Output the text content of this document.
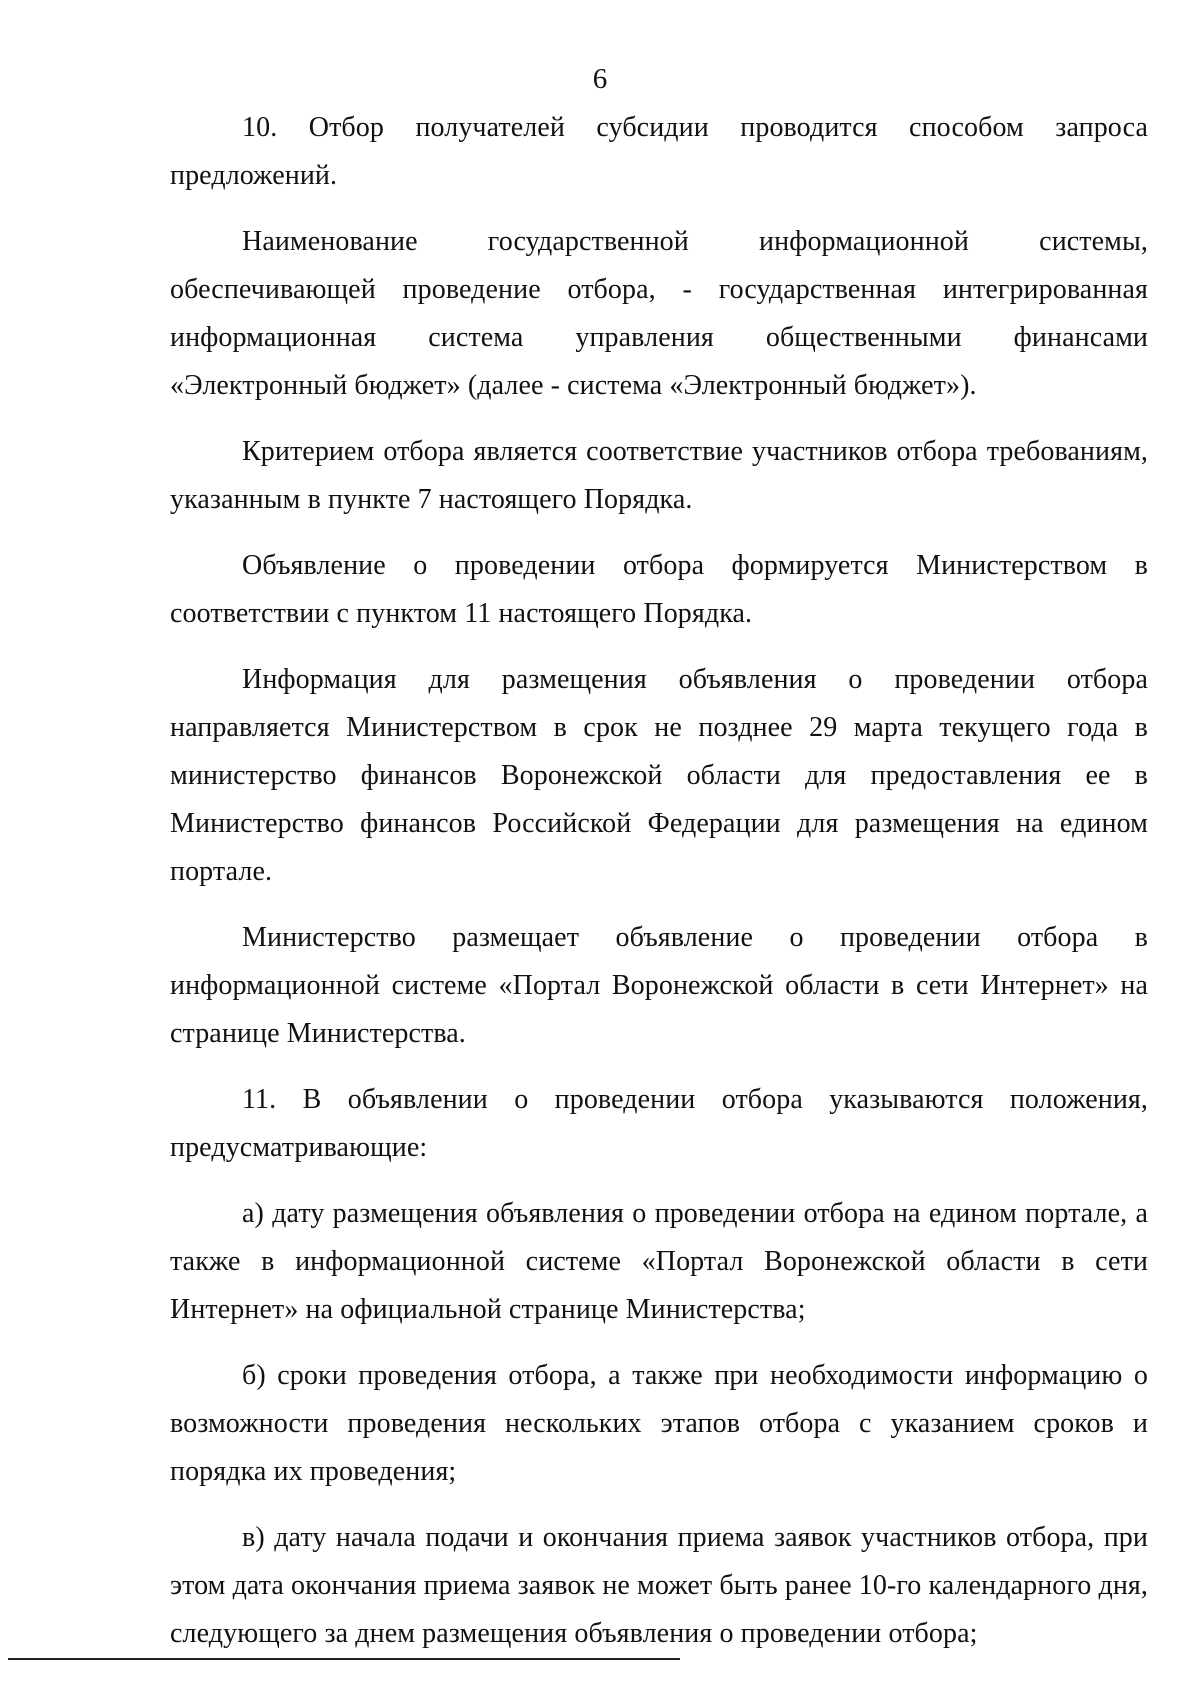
6

10. Отбор получателей субсидии проводится способом запроса предложений.

Наименование государственной информационной системы, обеспечивающей проведение отбора, - государственная интегрированная информационная система управления общественными финансами «Электронный бюджет» (далее - система «Электронный бюджет»).

Критерием отбора является соответствие участников отбора требованиям, указанным в пункте 7 настоящего Порядка.

Объявление о проведении отбора формируется Министерством в соответствии с пунктом 11 настоящего Порядка.

Информация для размещения объявления о проведении отбора направляется Министерством в срок не позднее 29 марта текущего года в министерство финансов Воронежской области для предоставления ее в Министерство финансов Российской Федерации для размещения на едином портале.

Министерство размещает объявление о проведении отбора в информационной системе «Портал Воронежской области в сети Интернет» на странице Министерства.

11. В объявлении о проведении отбора указываются положения, предусматривающие:

а) дату размещения объявления о проведении отбора на едином портале, а также в информационной системе «Портал Воронежской области в сети Интернет» на официальной странице Министерства;

б) сроки проведения отбора, а также при необходимости информацию о возможности проведения нескольких этапов отбора с указанием сроков и порядка их проведения;

в) дату начала подачи и окончания приема заявок участников отбора, при этом дата окончания приема заявок не может быть ранее 10-го календарного дня, следующего за днем размещения объявления о проведении отбора;
